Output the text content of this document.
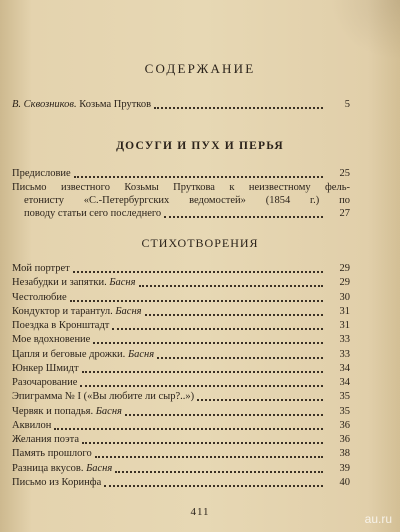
СОДЕРЖАНИЕ
В. Сквозников. Козьма Прутков	5
ДОСУГИ И ПУХ И ПЕРЬЯ
Предисловие	25
Письмо известного Козьмы Пруткова к неизвестному фель-
етонисту «С.-Петербургских ведомостей» (1854 г.) по
поводу статьи сего последнего	27
СТИХОТВОРЕНИЯ
Мой портрет	29
Незабудки и запятки. Басня	29
Честолюбие	30
Кондуктор и тарантул. Басня	31
Поездка в Кронштадт	31
Мое вдохновение	33
Цапля и беговые дрожки. Басня	33
Юнкер Шмидт	34
Разочарование	34
Эпиграмма № I («Вы любите ли сыр?..»)	35
Червяк и попадья. Басня	35
Аквилон	36
Желания поэта	36
Память прошлого	38
Разница вкусов. Басня	39
Письмо из Коринфа	40
411	au.ru
